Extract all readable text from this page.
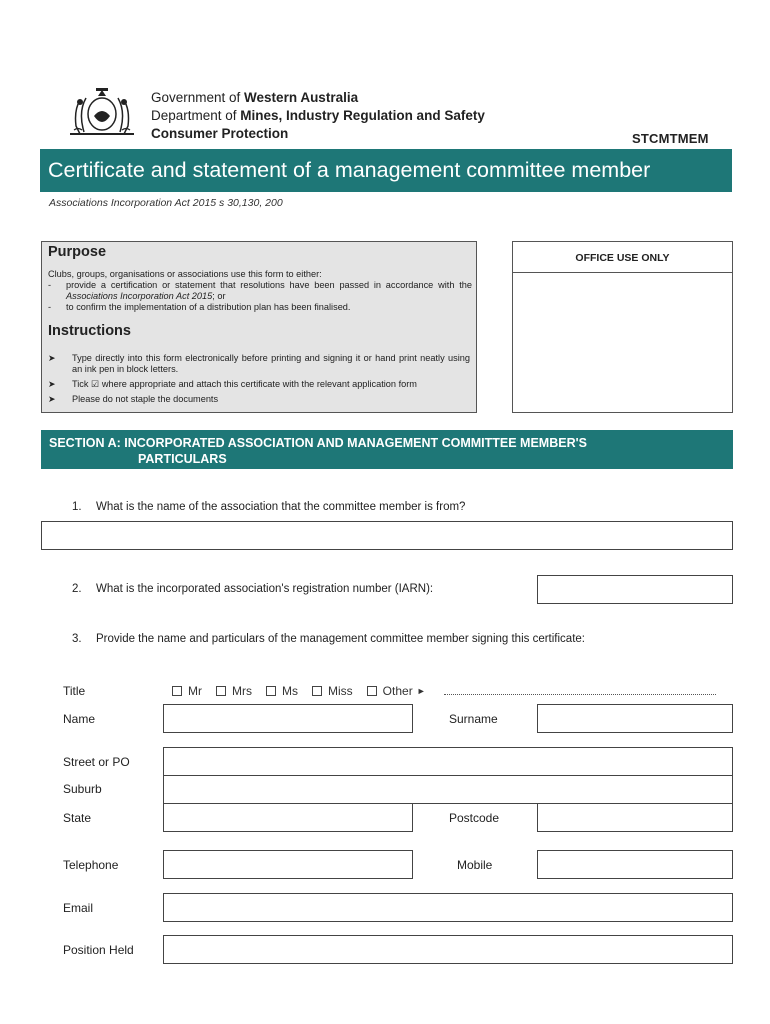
Government of Western Australia
Department of Mines, Industry Regulation and Safety
Consumer Protection	STCMTMEM
Certificate and statement of a management committee member
Associations Incorporation Act 2015 s 30,130, 200
Purpose

Clubs, groups, organisations or associations use this form to either:

-	provide a certification or statement that resolutions have been passed in accordance with the Associations Incorporation Act 2015; or
-	to confirm the implementation of a distribution plan has been finalised.
Instructions
➤	Type directly into this form electronically before printing and signing it or hand print neatly using an ink pen in block letters.
➤	Tick ☑ where appropriate and attach this certificate with the relevant application form
➤	Please do not staple the documents
OFFICE USE ONLY
SECTION A: INCORPORATED ASSOCIATION AND MANAGEMENT COMMITTEE MEMBER'S
PARTICULARS
1. What is the name of the association that the committee member is from?
2. What is the incorporated association's registration number (IARN):
3. Provide the name and particulars of the management committee member signing this certificate:
Title	Mr	Mrs	Ms	Miss	Other ►
Name	Surname
Street or PO
Suburb
State	Postcode
Telephone	Mobile
Email
Position Held
